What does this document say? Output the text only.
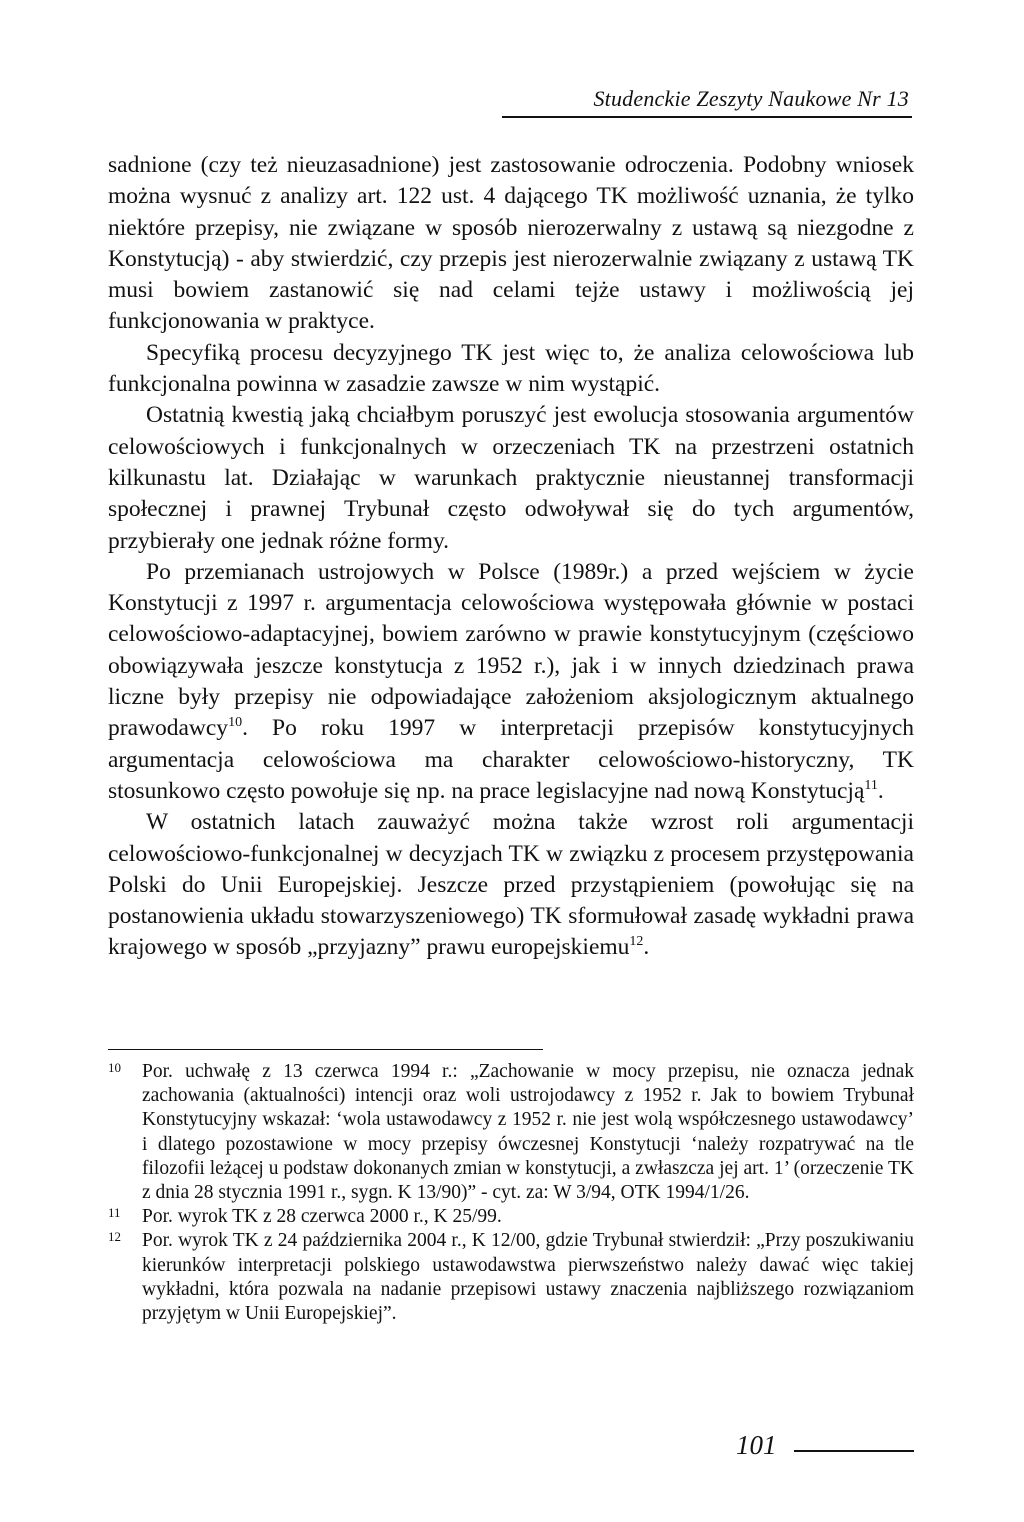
Studenckie Zeszyty Naukowe Nr 13

sadnione (czy też nieuzasadnione) jest zastosowanie odroczenia. Podobny wniosek można wysnuć z analizy art. 122 ust. 4 dającego TK możliwość uznania, że tylko niektóre przepisy, nie związane w sposób nierozerwalny z ustawą są niezgodne z Konstytucją) - aby stwierdzić, czy przepis jest nierozerwalnie związany z ustawą TK musi bowiem zastanowić się nad celami tejże ustawy i możliwością jej funkcjonowania w praktyce.

Specyfiką procesu decyzyjnego TK jest więc to, że analiza celowościowa lub funkcjonalna powinna w zasadzie zawsze w nim wystąpić.

Ostatnią kwestią jaką chciałbym poruszyć jest ewolucja stosowania argumentów celowościowych i funkcjonalnych w orzeczeniach TK na przestrzeni ostatnich kilkunastu lat. Działając w warunkach praktycznie nieustannej transformacji społecznej i prawnej Trybunał często odwoływał się do tych argumentów, przybierały one jednak różne formy.

Po przemianach ustrojowych w Polsce (1989r.) a przed wejściem w życie Konstytucji z 1997 r. argumentacja celowościowa występowała głównie w postaci celowościowo-adaptacyjnej, bowiem zarówno w prawie konstytucyjnym (częściowo obowiązywała jeszcze konstytucja z 1952 r.), jak i w innych dziedzinach prawa liczne były przepisy nie odpowiadające założeniom aksjologicznym aktualnego prawodawcy$^{10}$. Po roku 1997 w interpretacji przepisów konstytucyjnych argumentacja celowościowa ma charakter celowościowo-historyczny, TK stosunkowo często powołuje się np. na prace legislacyjne nad nową Konstytucją$^{11}$.

W ostatnich latach zauważyć można także wzrost roli argumentacji celowościowo-funkcjonalnej w decyzjach TK w związku z procesem przystępowania Polski do Unii Europejskiej. Jeszcze przed przystąpieniem (powołując się na postanowienia układu stowarzyszeniowego) TK sformułował zasadę wykładni prawa krajowego w sposób „przyjazny” prawu europejskiemu$^{12}$.

10 Por. uchwałę z 13 czerwca 1994 r.: „Zachowanie w mocy przepisu, nie oznacza jednak zachowania (aktualności) intencji oraz woli ustrojodawcy z 1952 r. Jak to bowiem Trybunał Konstytucyjny wskazał: ‘wola ustawodawcy z 1952 r. nie jest wolą współczesnego ustawodawcy’ i dlatego pozostawione w mocy przepisy ówczesnej Konstytucji ‘należy rozpatrywać na tle filozofii leżącej u podstaw dokonanych zmian w konstytucji, a zwłaszcza jej art. 1’ (orzeczenie TK z dnia 28 stycznia 1991 r., sygn. K 13/90)” - cyt. za: W 3/94, OTK 1994/1/26.

11 Por. wyrok TK z 28 czerwca 2000 r., K 25/99.

12 Por. wyrok TK z 24 października 2004 r., K 12/00, gdzie Trybunał stwierdził: „Przy poszukiwaniu kierunków interpretacji polskiego ustawodawstwa pierwszeństwo należy dawać więc takiej wykładni, która pozwala na nadanie przepisowi ustawy znaczenia najbliższego rozwiązaniom przyjętym w Unii Europejskiej”.

101
